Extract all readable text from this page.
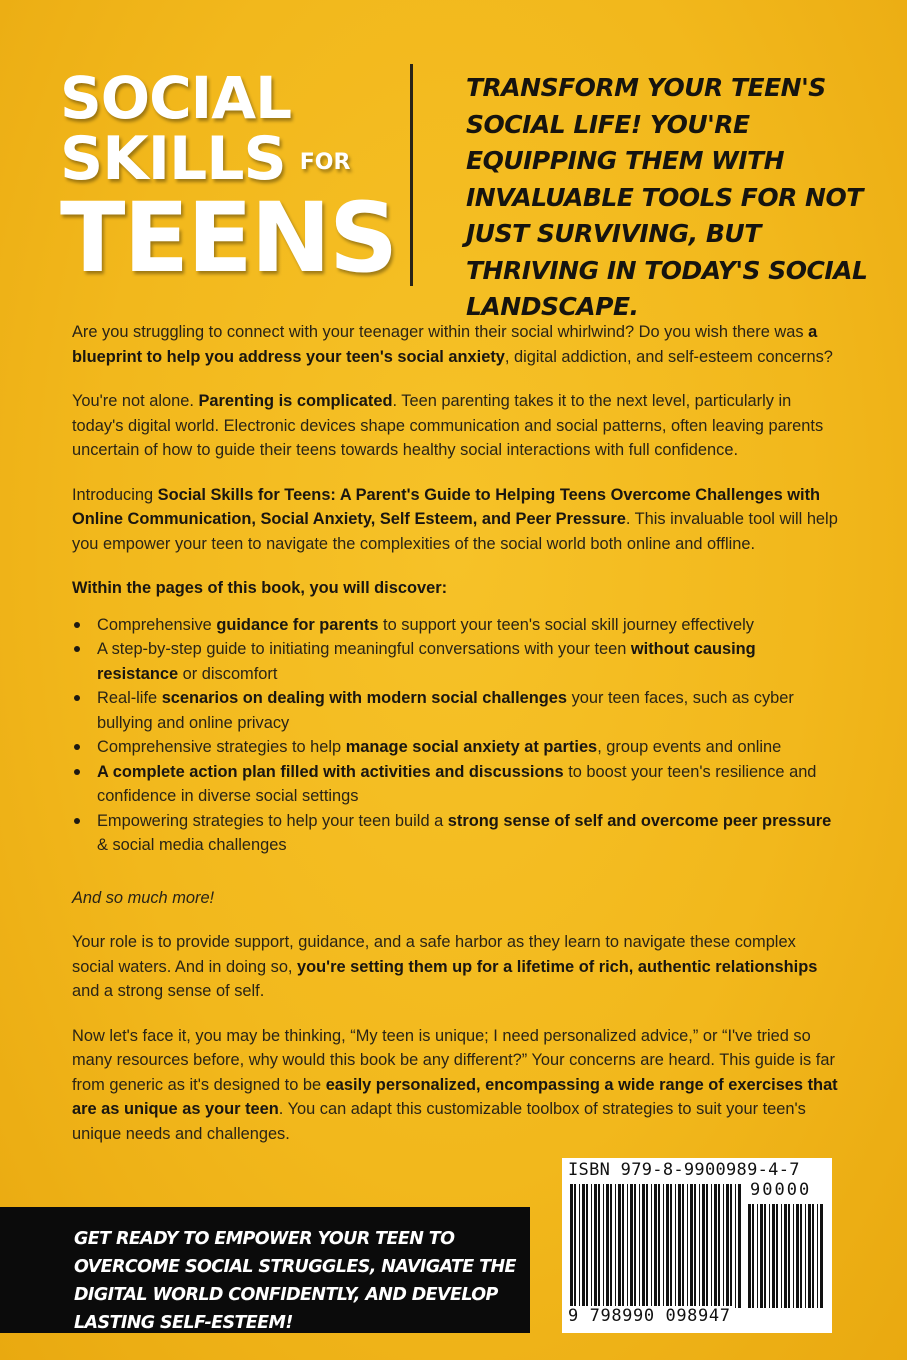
SOCIAL
SKILLS FOR
TEENS
TRANSFORM YOUR TEEN'S SOCIAL LIFE! YOU'RE EQUIPPING THEM WITH INVALUABLE TOOLS FOR NOT JUST SURVIVING, BUT THRIVING IN TODAY'S SOCIAL LANDSCAPE.

Are you struggling to connect with your teenager within their social whirlwind? Do you wish there was a blueprint to help you address your teen's social anxiety, digital addiction, and self-esteem concerns?

You're not alone. Parenting is complicated. Teen parenting takes it to the next level, particularly in today's digital world. Electronic devices shape communication and social patterns, often leaving parents uncertain of how to guide their teens towards healthy social interactions with full confidence.

Introducing Social Skills for Teens: A Parent's Guide to Helping Teens Overcome Challenges with Online Communication, Social Anxiety, Self Esteem, and Peer Pressure. This invaluable tool will help you empower your teen to navigate the complexities of the social world both online and offline.

Within the pages of this book, you will discover:

Comprehensive guidance for parents to support your teen's social skill journey effectively
A step-by-step guide to initiating meaningful conversations with your teen without causing resistance or discomfort
Real-life scenarios on dealing with modern social challenges your teen faces, such as cyber bullying and online privacy
Comprehensive strategies to help manage social anxiety at parties, group events and online
A complete action plan filled with activities and discussions to boost your teen's resilience and confidence in diverse social settings
Empowering strategies to help your teen build a strong sense of self and overcome peer pressure & social media challenges

And so much more!

Your role is to provide support, guidance, and a safe harbor as they learn to navigate these complex social waters. And in doing so, you're setting them up for a lifetime of rich, authentic relationships and a strong sense of self.

Now let's face it, you may be thinking, “My teen is unique; I need personalized advice,” or “I've tried so many resources before, why would this book be any different?” Your concerns are heard. This guide is far from generic as it's designed to be easily personalized, encompassing a wide range of exercises that are as unique as your teen. You can adapt this customizable toolbox of strategies to suit your teen's unique needs and challenges.

GET READY TO EMPOWER YOUR TEEN TO OVERCOME SOCIAL STRUGGLES, NAVIGATE THE DIGITAL WORLD CONFIDENTLY, AND DEVELOP LASTING SELF-ESTEEM!
ISBN 979-8-9900989-4-7
90000
9 798990 098947
